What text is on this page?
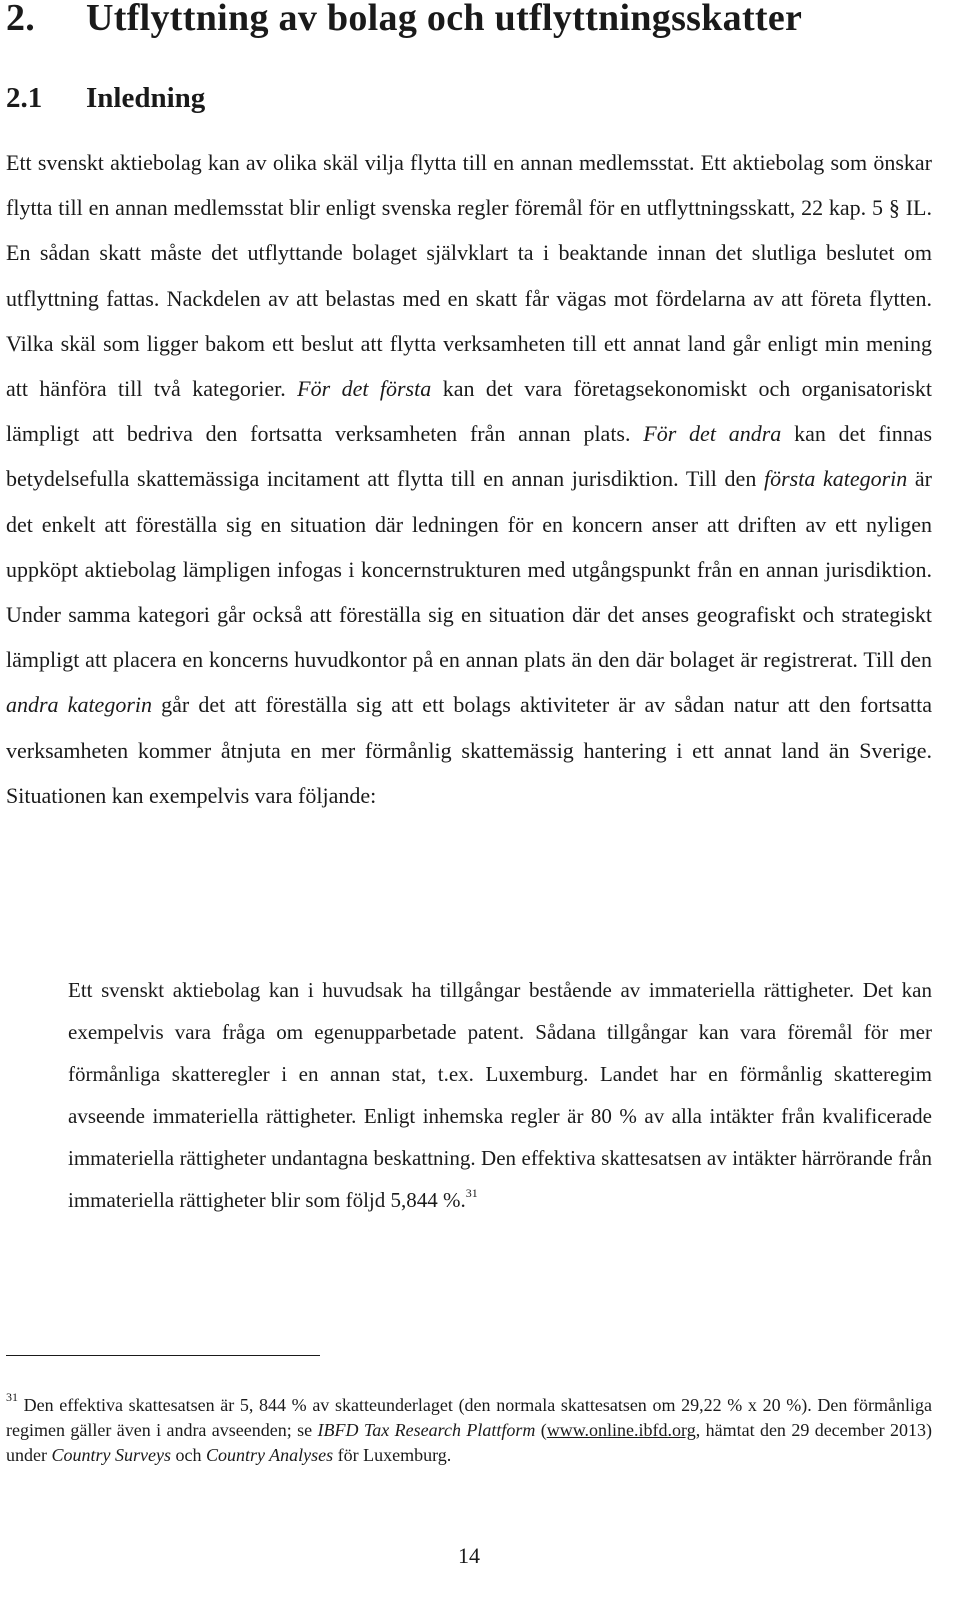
2. Utflyttning av bolag och utflyttningsskatter
2.1 Inledning

Ett svenskt aktiebolag kan av olika skäl vilja flytta till en annan medlemsstat. Ett aktiebolag som önskar flytta till en annan medlemsstat blir enligt svenska regler föremål för en utflyttningsskatt, 22 kap. 5 § IL. En sådan skatt måste det utflyttande bolaget självklart ta i beaktande innan det slutliga beslutet om utflyttning fattas. Nackdelen av att belastas med en skatt får vägas mot fördelarna av att företa flytten. Vilka skäl som ligger bakom ett beslut att flytta verksamheten till ett annat land går enligt min mening att hänföra till två kategorier. För det första kan det vara företagsekonomiskt och organisatoriskt lämpligt att bedriva den fortsatta verksamheten från annan plats. För det andra kan det finnas betydelsefulla skattemässiga incitament att flytta till en annan jurisdiktion. Till den första kategorin är det enkelt att föreställa sig en situation där ledningen för en koncern anser att driften av ett nyligen uppköpt aktiebolag lämpligen infogas i koncernstrukturen med utgångspunkt från en annan jurisdiktion. Under samma kategori går också att föreställa sig en situation där det anses geografiskt och strategiskt lämpligt att placera en koncerns huvudkontor på en annan plats än den där bolaget är registrerat. Till den andra kategorin går det att föreställa sig att ett bolags aktiviteter är av sådan natur att den fortsatta verksamheten kommer åtnjuta en mer förmånlig skattemässig hantering i ett annat land än Sverige. Situationen kan exempelvis vara följande:

Ett svenskt aktiebolag kan i huvudsak ha tillgångar bestående av immateriella rättigheter. Det kan exempelvis vara fråga om egenupparbetade patent. Sådana tillgångar kan vara föremål för mer förmånliga skatteregler i en annan stat, t.ex. Luxemburg. Landet har en förmånlig skatteregim avseende immateriella rättigheter. Enligt inhemska regler är 80 % av alla intäkter från kvalificerade immateriella rättigheter undantagna beskattning. Den effektiva skattesatsen av intäkter härrörande från immateriella rättigheter blir som följd 5,844 %.$^{31}$

$^{31}$ Den effektiva skattesatsen är 5, 844 % av skatteunderlaget (den normala skattesatsen om 29,22 % x 20 %). Den förmånliga regimen gäller även i andra avseenden; se IBFD Tax Research Plattform (www.online.ibfd.org, hämtat den 29 december 2013) under Country Surveys och Country Analyses för Luxemburg.

14
